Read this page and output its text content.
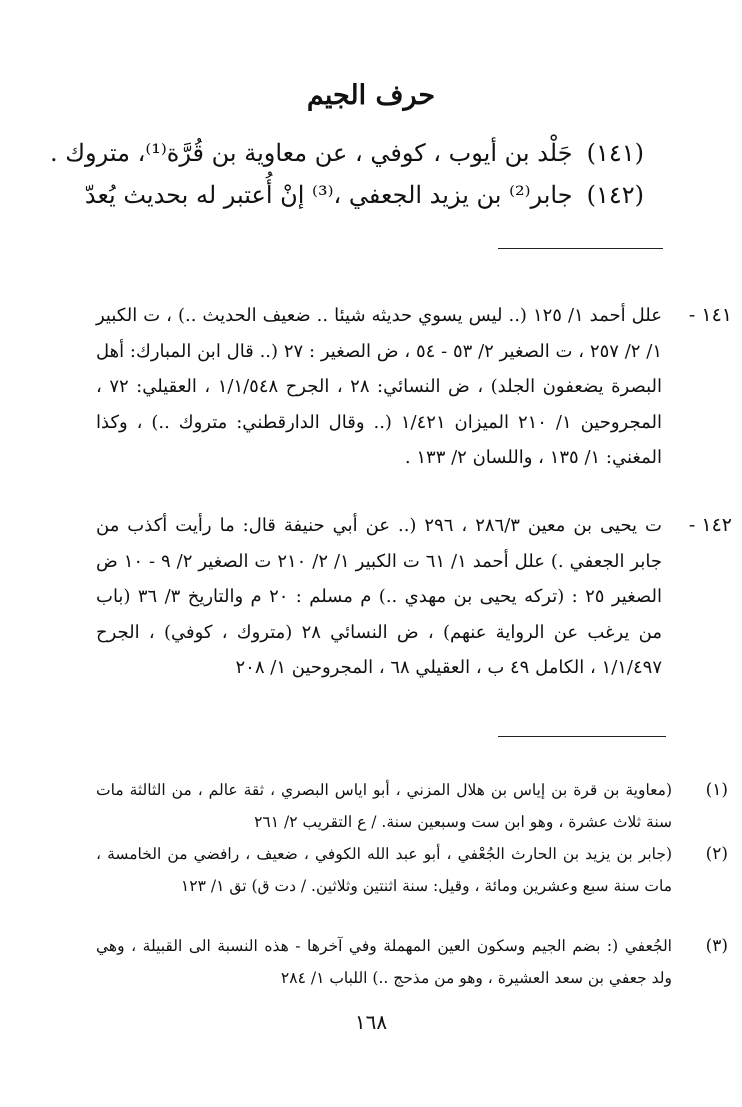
حرف الجيم
(١٤١)جَلْد بن أيوب ، كوفي ، عن معاوية بن قُرَّة⁽¹⁾، متروك .
(١٤٢)جابر⁽²⁾ بن يزيد الجعفي ،⁽³⁾ إنْ أُعتبر له بحديث يُعدّ
١٤١ -
علل أحمد ١/ ١٢٥ (.. ليس يسوي حديثه شيئا .. ضعيف الحديث ..) ، ت الكبير ١/ ٢/ ٢٥٧ ، ت الصغير ٢/ ٥٣ - ٥٤ ، ض الصغير : ٢٧ (.. قال ابن المبارك: أهل البصرة يضعفون الجلد) ، ض النسائي: ٢٨ ، الجرح ١/١/٥٤٨ ، العقيلي: ٧٢ ، المجروحين ١/ ٢١٠ الميزان ١/٤٢١ (.. وقال الدارقطني: متروك ..) ، وكذا المغني: ١/ ١٣٥ ، واللسان ٢/ ١٣٣ .
١٤٢ -
ت يحيى بن معين ٢٨٦/٣ ، ٢٩٦ (.. عن أبي حنيفة قال: ما رأيت أكذب من جابر الجعفي .) علل أحمد ١/ ٦١ ت الكبير ١/ ٢/ ٢١٠ ت الصغير ٢/ ٩ - ١٠ ض الصغير ٢٥ : (تركه يحيى بن مهدي ..) م مسلم : ٢٠ م والتاريخ ٣/ ٣٦ (باب من يرغب عن الرواية عنهم) ، ض النسائي ٢٨ (متروك ، كوفي) ، الجرح ١/١/٤٩٧ ، الكامل ٤٩ ب ، العقيلي ٦٨ ، المجروحين ١/ ٢٠٨
(١)
(معاوية بن قرة بن إياس بن هلال المزني ، أبو اياس البصري ، ثقة عالم ، من الثالثة مات سنة ثلاث عشرة ، وهو ابن ست وسبعين سنة. / ع التقريب ٢/ ٢٦١
(٢)
(جابر بن يزيد بن الحارث الجُعْفي ، أبو عبد الله الكوفي ، ضعيف ، رافضي من الخامسة ، مات سنة سبع وعشرين ومائة ، وقيل: سنة اثنتين وثلاثين. / دت ق) تق ١/ ١٢٣
(٣)
الجُعفي (: بضم الجيم وسكون العين المهملة وفي آخرها - هذه النسبة الى القبيلة ، وهي ولد جعفي بن سعد العشيرة ، وهو من مذحج ..) اللباب ١/ ٢٨٤
١٦٨
